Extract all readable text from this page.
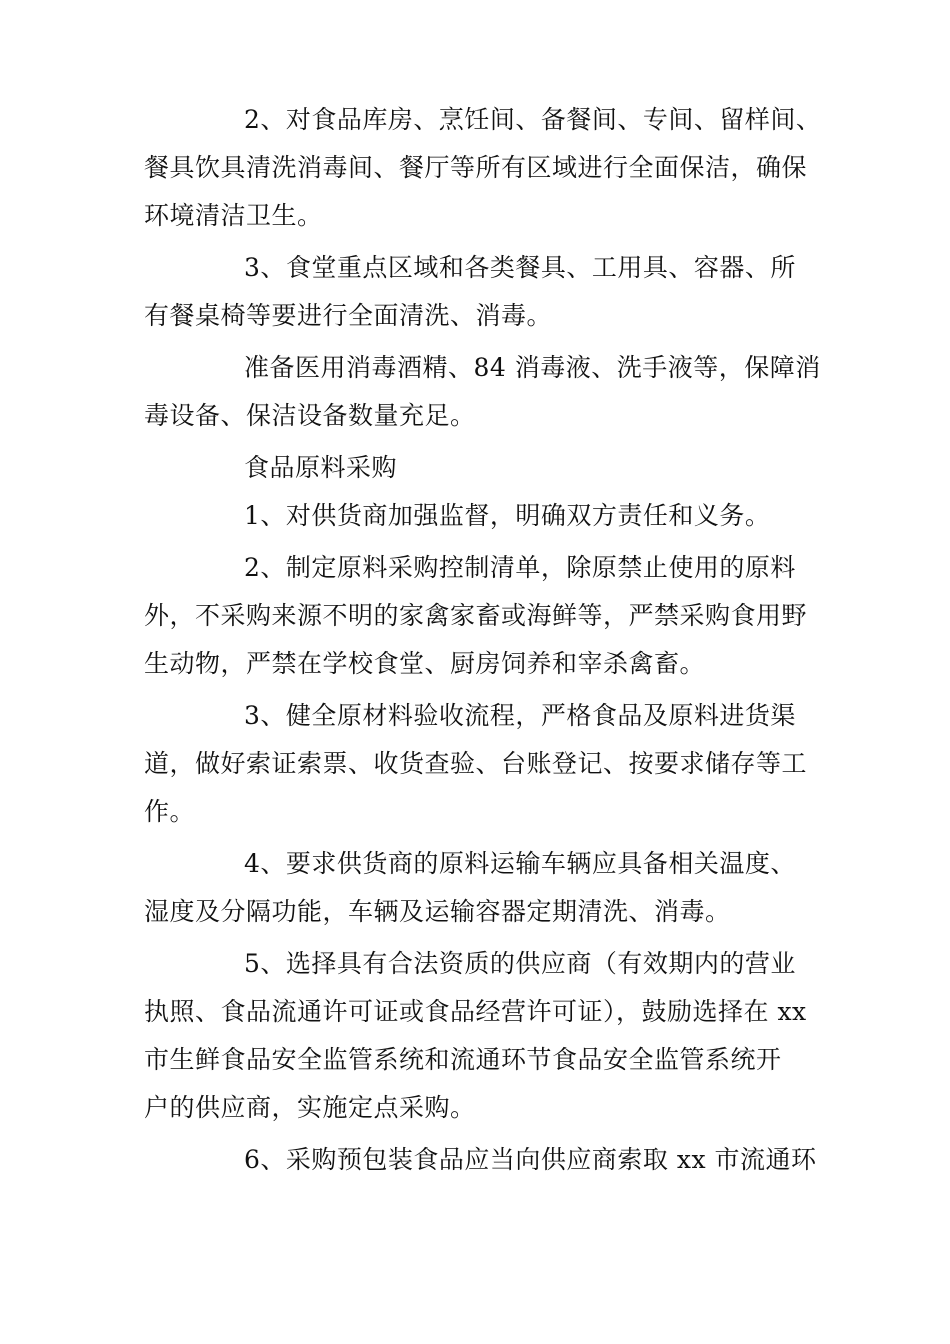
2、对食品库房、烹饪间、备餐间、专间、留样间、
餐具饮具清洗消毒间、餐厅等所有区域进行全面保洁，确保
环境清洁卫生。
3、食堂重点区域和各类餐具、工用具、容器、所
有餐桌椅等要进行全面清洗、消毒。
准备医用消毒酒精、84 消毒液、洗手液等，保障消
毒设备、保洁设备数量充足。
食品原料采购
1、对供货商加强监督，明确双方责任和义务。
2、制定原料采购控制清单，除原禁止使用的原料
外，不采购来源不明的家禽家畜或海鲜等，严禁采购食用野
生动物，严禁在学校食堂、厨房饲养和宰杀禽畜。
3、健全原材料验收流程，严格食品及原料进货渠
道，做好索证索票、收货查验、台账登记、按要求储存等工
作。
4、要求供货商的原料运输车辆应具备相关温度、
湿度及分隔功能，车辆及运输容器定期清洗、消毒。
5、选择具有合法资质的供应商（有效期内的营业
执照、食品流通许可证或食品经营许可证），鼓励选择在 xx
市生鲜食品安全监管系统和流通环节食品安全监管系统开
户的供应商，实施定点采购。
6、采购预包装食品应当向供应商索取 xx 市流通环
